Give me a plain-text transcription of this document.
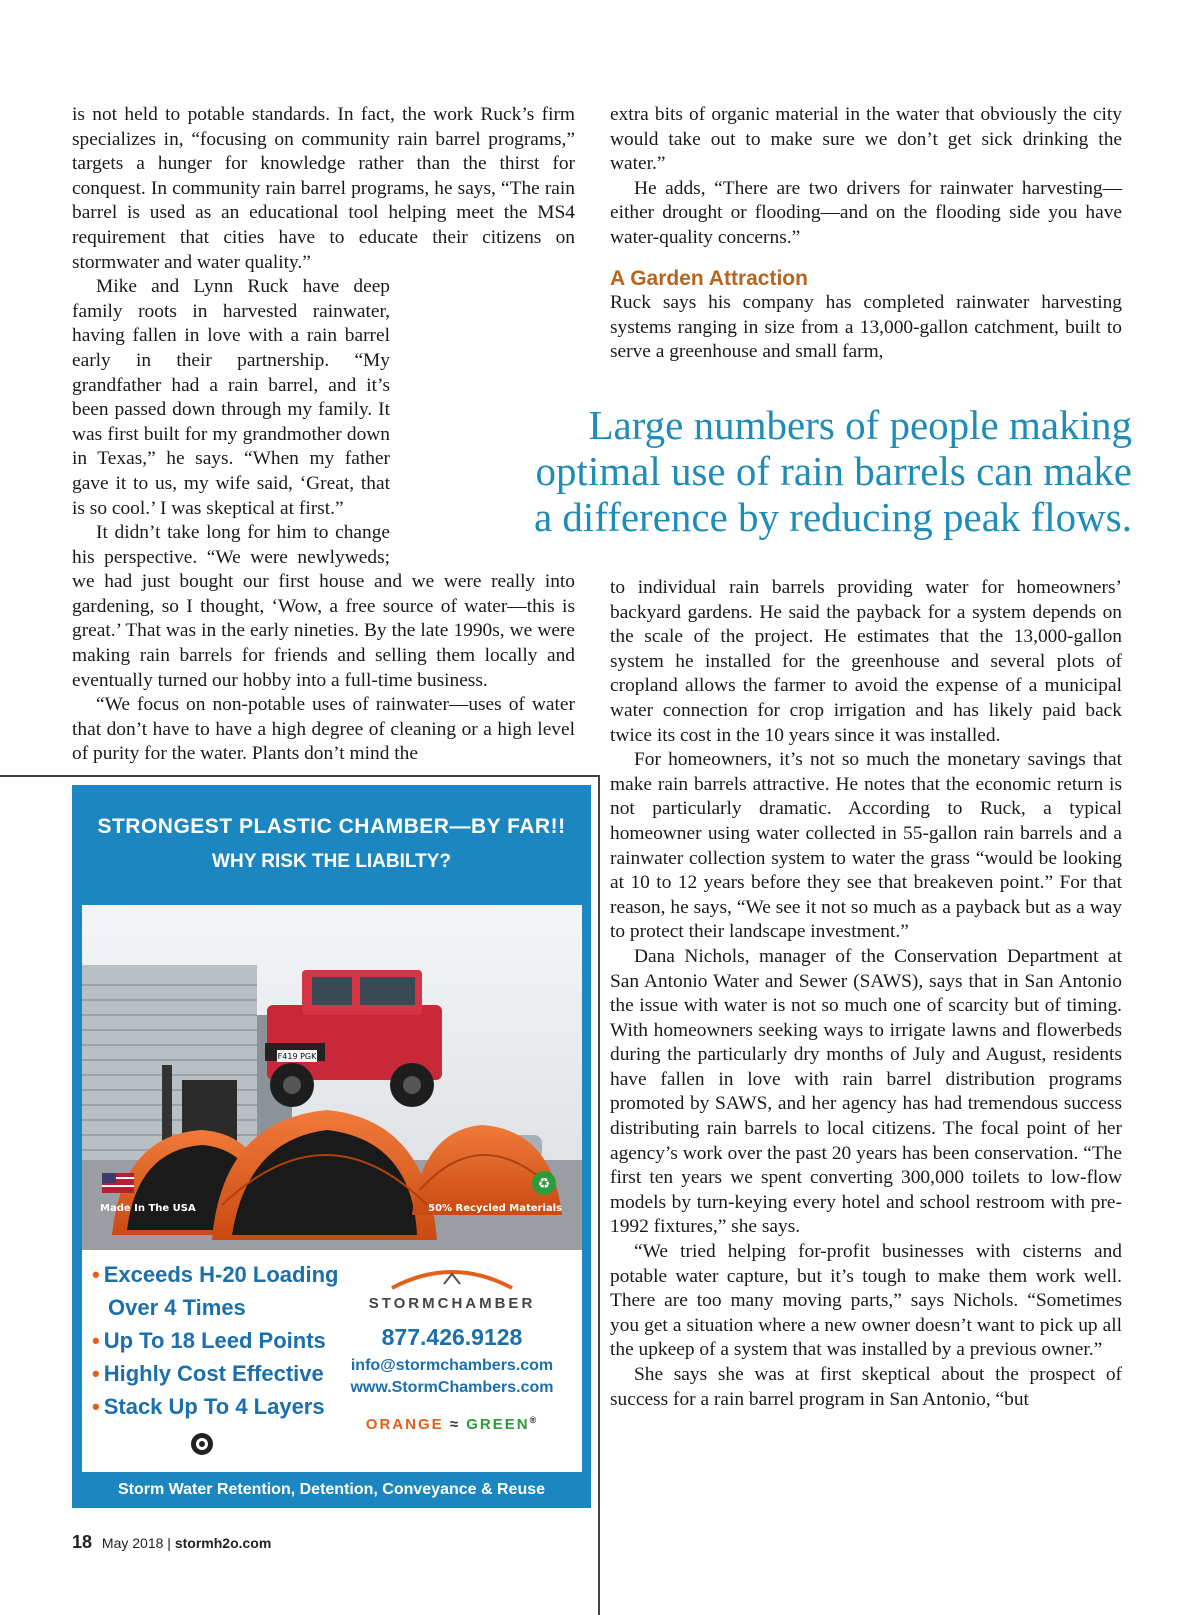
is not held to potable standards. In fact, the work Ruck’s firm specializes in, “focusing on community rain barrel programs,” targets a hunger for knowledge rather than the thirst for conquest. In community rain barrel programs, he says, “The rain barrel is used as an educational tool helping meet the MS4 requirement that cities have to educate their citizens on stormwater and water quality.”

Mike and Lynn Ruck have deep family roots in harvested rainwater, having fallen in love with a rain barrel early in their partnership. “My grandfather had a rain barrel, and it’s been passed down through my family. It was first built for my grandmother down in Texas,” he says. “When my father gave it to us, my wife said, ‘Great, that is so cool.’ I was skeptical at first.”

It didn’t take long for him to change his perspective. “We were newlyweds; we had just bought our first house and we were really into gardening, so I thought, ‘Wow, a free source of water—this is great.’ That was in the early nineties. By the late 1990s, we were making rain barrels for friends and selling them locally and eventually turned our hobby into a full-time business.

“We focus on non-potable uses of rainwater—uses of water that don’t have to have a high degree of cleaning or a high level of purity for the water. Plants don’t mind the

extra bits of organic material in the water that obviously the city would take out to make sure we don’t get sick drinking the water.”

He adds, “There are two drivers for rainwater harvesting—either drought or flooding—and on the flooding side you have water-quality concerns.”

A Garden Attraction

Ruck says his company has completed rainwater harvesting systems ranging in size from a 13,000-gallon catchment, built to serve a greenhouse and small farm,

Large numbers of people making
optimal use of rain barrels can make
a difference by reducing peak flows.

to individual rain barrels providing water for homeowners’ backyard gardens. He said the payback for a system depends on the scale of the project. He estimates that the 13,000-gallon system he installed for the greenhouse and several plots of cropland allows the farmer to avoid the expense of a municipal water connection for crop irrigation and has likely paid back twice its cost in the 10 years since it was installed.

For homeowners, it’s not so much the monetary savings that make rain barrels attractive. He notes that the economic return is not particularly dramatic. According to Ruck, a typical homeowner using water collected in 55-gallon rain barrels and a rainwater collection system to water the grass “would be looking at 10 to 12 years before they see that breakeven point.” For that reason, he says, “We see it not so much as a payback but as a way to protect their landscape investment.”

Dana Nichols, manager of the Conservation Department at San Antonio Water and Sewer (SAWS), says that in San Antonio the issue with water is not so much one of scarcity but of timing. With homeowners seeking ways to irrigate lawns and flowerbeds during the particularly dry months of July and August, residents have fallen in love with rain barrel distribution programs promoted by SAWS, and her agency has had tremendous success distributing rain barrels to local citizens. The focal point of her agency’s work over the past 20 years has been conservation. “The first ten years we spent converting 300,000 toilets to low-flow models by turn-keying every hotel and school restroom with pre-1992 fixtures,” she says.

“We tried helping for-profit businesses with cisterns and potable water capture, but it’s tough to make them work well. There are too many moving parts,” says Nichols. “Sometimes you get a situation where a new owner doesn’t want to pick up all the upkeep of a system that was installed by a previous owner.”

She says she was at first skeptical about the prospect of success for a rain barrel program in San Antonio, “but

STRONGEST PLASTIC CHAMBER—BY FAR!!
WHY RISK THE LIABILTY?
F419 PGK
♻
Made In The USA	50% Recycled Materials
• Exceeds H-20 Loading
Over 4 Times
• Up To 18 Leed Points
• Highly Cost Effective
• Stack Up To 4 Layers
STORMCHAMBER
877.426.9128
info@stormchambers.com
www.StormChambers.com
ORANGE ≈ GREEN®
Storm Water Retention, Detention, Conveyance & Reuse
18 May 2018 | stormh2o.com
